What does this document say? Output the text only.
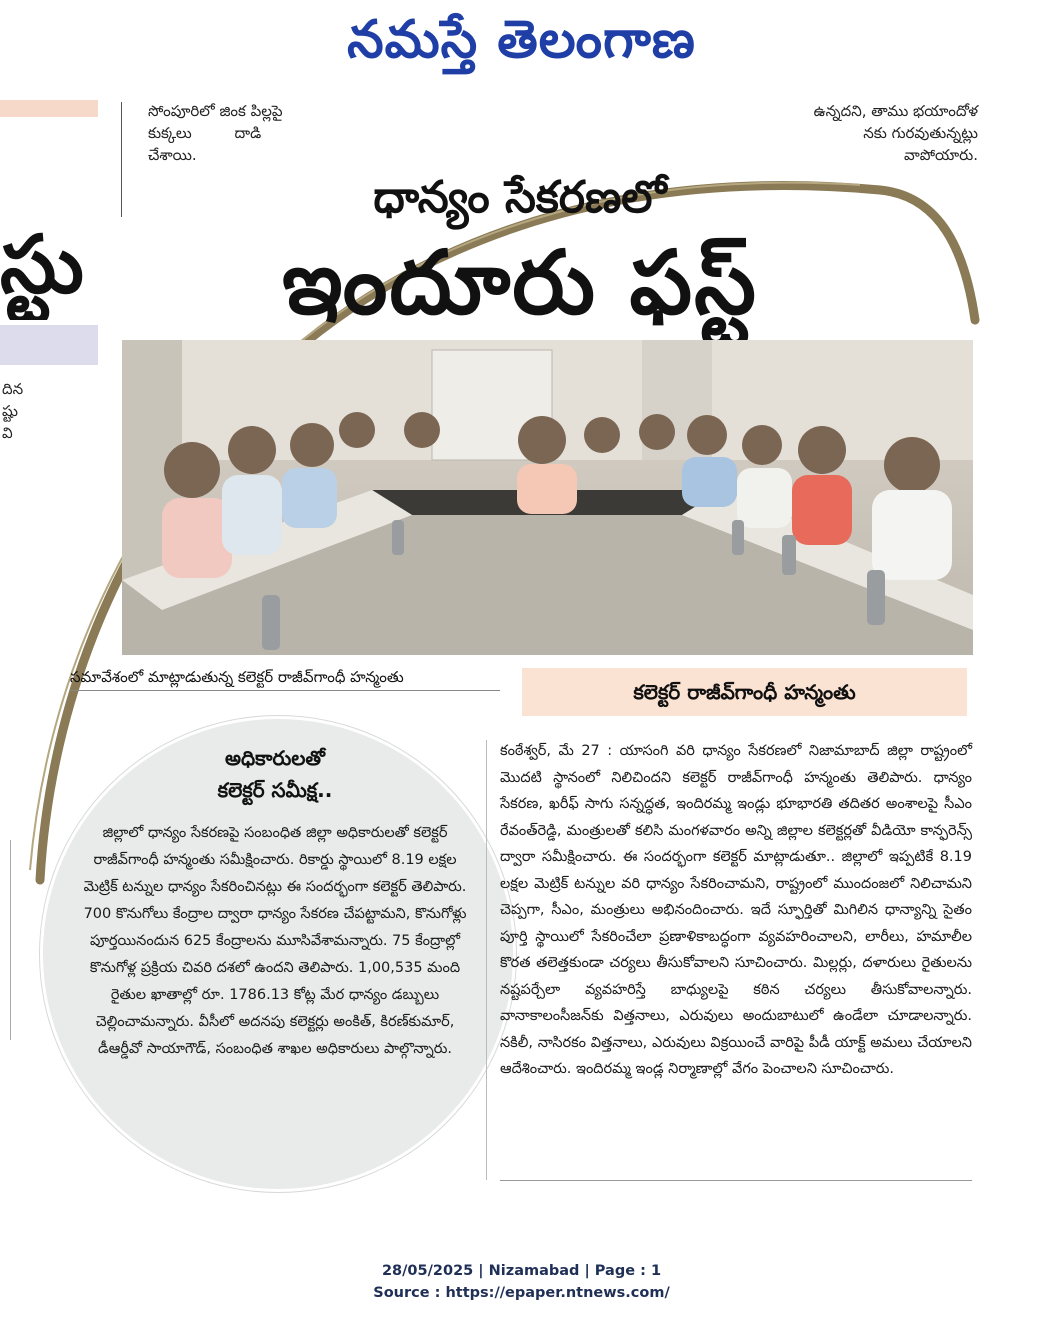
నమస్తే తెలంగాణ
సోంపూరిలో జింక పిల్లపై
కుక్కలు దాడి
చేశాయి.
ఉన్నదని, తాము భయాందోళ
నకు గురవుతున్నట్లు
వాపోయారు.
స్టు
దిన
ష్టు
వి
ధాన్యం సేకరణలో
ఇందూరు ఫస్ట్
సమావేశంలో మాట్లాడుతున్న కలెక్టర్ రాజీవ్‌గాంధీ హన్మంతు
కలెక్టర్ రాజీవ్‌గాంధీ హన్మంతు
అధికారులతో
కలెక్టర్ సమీక్ష..
జిల్లాలో ధాన్యం సేకరణపై సంబంధిత జిల్లా అధికారులతో కలెక్టర్ రాజీవ్‌గాంధీ హన్మంతు సమీక్షించారు. రికార్డు స్థాయిలో 8.19 లక్షల మెట్రిక్ టన్నుల ధాన్యం సేకరించినట్లు ఈ సందర్భంగా కలెక్టర్ తెలిపారు. 700 కొనుగోలు కేంద్రాల ద్వారా ధాన్యం సేకరణ చేపట్టామని, కొనుగోళ్లు పూర్తయినందున 625 కేంద్రాలను మూసివేశామన్నారు. 75 కేంద్రాల్లో కొనుగోళ్ల ప్రక్రియ చివరి దశలో ఉందని తెలిపారు. 1,00,535 మంది రైతుల ఖాతాల్లో రూ. 1786.13 కోట్ల మేర ధాన్యం డబ్బులు చెల్లించామన్నారు. వీసీలో అదనపు కలెక్టర్లు అంకిత్, కిరణ్‌కుమార్, డీఆర్డీవో సాయాగౌడ్, సంబంధిత శాఖల అధికారులు పాల్గొన్నారు.
కంఠేశ్వర్, మే 27 : యాసంగి వరి ధాన్యం సేకరణలో నిజామాబాద్ జిల్లా రాష్ట్రంలో మొదటి స్థానంలో నిలిచిందని కలెక్టర్ రాజీవ్‌గాంధీ హన్మంతు తెలిపారు. ధాన్యం సేకరణ, ఖరీఫ్ సాగు సన్నద్ధత, ఇందిరమ్మ ఇండ్లు భూభారతి తదితర అంశాలపై సీఎం రేవంత్‌రెడ్డి, మంత్రులతో కలిసి మంగళవారం అన్ని జిల్లాల కలెక్టర్లతో వీడియో కాన్ఫరెన్స్ ద్వారా సమీక్షించారు. ఈ సందర్భంగా కలెక్టర్ మాట్లాడుతూ.. జిల్లాలో ఇప్పటికే 8.19 లక్షల మెట్రిక్ టన్నుల వరి ధాన్యం సేకరించామని, రాష్ట్రంలో ముందంజలో నిలిచామని చెప్పగా, సీఎం, మంత్రులు అభినందించారు. ఇదే స్ఫూర్తితో మిగిలిన ధాన్యాన్ని సైతం పూర్తి స్థాయిలో సేకరించేలా ప్రణాళికాబద్ధంగా వ్యవహరించాలని, లారీలు, హమాలీల కొరత తలెత్తకుండా చర్యలు తీసుకోవాలని సూచించారు. మిల్లర్లు, దళారులు రైతులను నష్టపర్చేలా వ్యవహరిస్తే బాధ్యులపై కఠిన చర్యలు తీసుకోవాలన్నారు. వానాకాలంసీజన్‌కు విత్తనాలు, ఎరువులు అందుబాటులో ఉండేలా చూడాలన్నారు. నకిలీ, నాసిరకం విత్తనాలు, ఎరువులు విక్రయించే వారిపై పీడీ యాక్ట్ అమలు చేయాలని ఆదేశించారు. ఇందిరమ్మ ఇండ్ల నిర్మాణాల్లో వేగం పెంచాలని సూచించారు.
28/05/2025 | Nizamabad | Page : 1
Source : https://epaper.ntnews.com/
